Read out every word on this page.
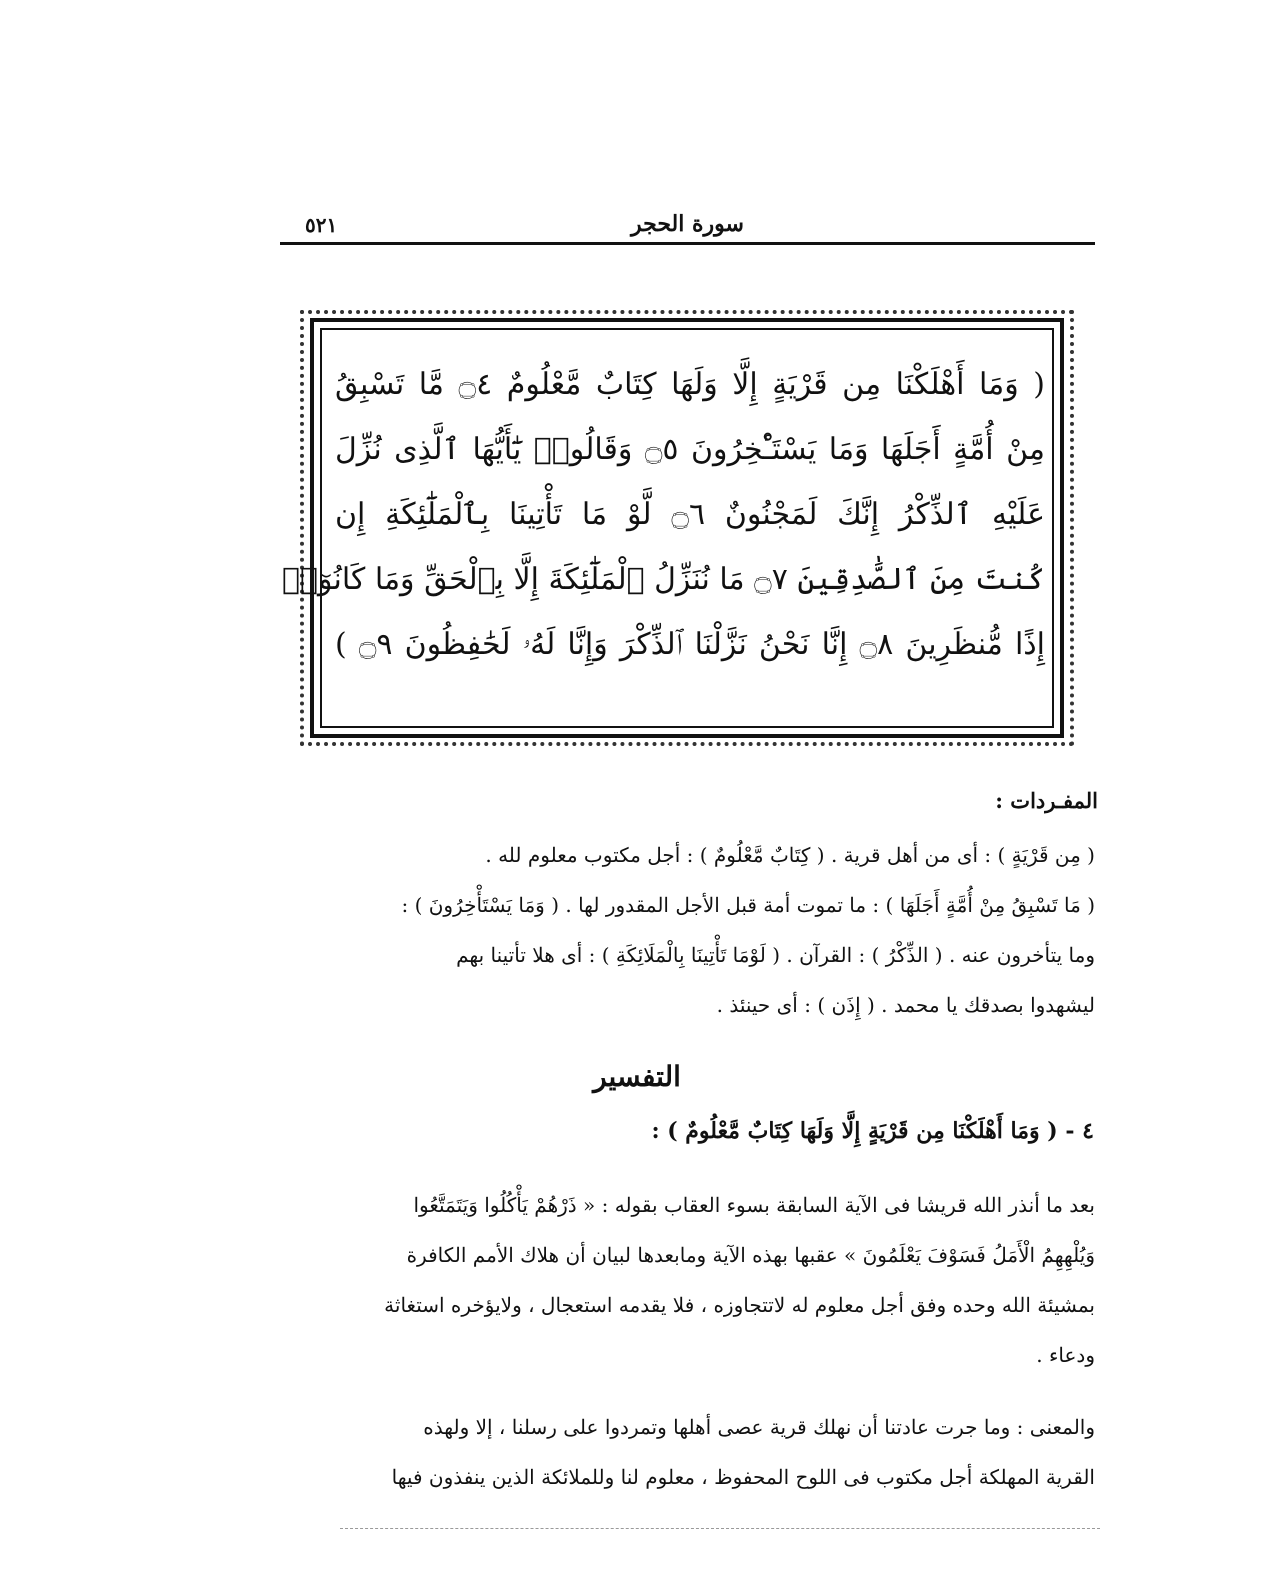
٥٢١	سورة الحجر
( وَمَا أَهْلَكْنَا مِن قَرْيَةٍ إِلَّا وَلَهَا كِتَابٌ مَّعْلُومٌ ۝٤ مَّا تَسْبِقُ
مِنْ أُمَّةٍ أَجَلَهَا وَمَا يَسْتَـْٔخِرُونَ ۝٥ وَقَالُوا۟ يَٰٓأَيُّهَا ٱلَّذِى نُزِّلَ
عَلَيْهِ ٱلذِّكْرُ إِنَّكَ لَمَجْنُونٌ ۝٦ لَّوْ مَا تَأْتِينَا بِٱلْمَلَٰٓئِكَةِ إِن
كُنتَ مِنَ ٱلصَّٰدِقِينَ ۝٧ مَا نُنَزِّلُ ٱلْمَلَٰٓئِكَةَ إِلَّا بِٱلْحَقِّ وَمَا كَانُوٓا۟
إِذًا مُّنظَرِينَ ۝٨ إِنَّا نَحْنُ نَزَّلْنَا ٱلذِّكْرَ وَإِنَّا لَهُۥ لَحَٰفِظُونَ ۝٩ )
المفـردات :
( مِن قَرْيَةٍ ) : أى من أهل قرية . ( كِتَابٌ مَّعْلُومٌ ) : أجل مكتوب معلوم لله .
( مَا تَسْبِقُ مِنْ أُمَّةٍ أَجَلَهَا ) : ما تموت أمة قبل الأجل المقدور لها . ( وَمَا يَسْتَأْخِرُونَ ) :
وما يتأخرون عنه . ( الذِّكْرُ ) : القرآن . ( لَوْمَا تَأْتِينَا بِالْمَلَائِكَةِ ) : أى هلا تأتينا بهم
ليشهدوا بصدقك يا محمد . ( إِذَن ) : أى حينئذ .
التفسير
٤ - ( وَمَا أَهْلَكْنَا مِن قَرْيَةٍ إِلَّا وَلَهَا كِتَابٌ مَّعْلُومٌ ) :
بعد ما أنذر الله قريشا فى الآية السابقة بسوء العقاب بقوله : « ذَرْهُمْ يَأْكُلُوا وَيَتَمَتَّعُوا
وَيُلْهِهِمُ الْأَمَلُ فَسَوْفَ يَعْلَمُونَ » عقبها بهذه الآية ومابعدها لبيان أن هلاك الأمم الكافرة
بمشيئة الله وحده وفق أجل معلوم له لاتتجاوزه ، فلا يقدمه استعجال ، ولايؤخره استغاثة
ودعاء .
والمعنى : وما جرت عادتنا أن نهلك قرية عصى أهلها وتمردوا على رسلنا ، إلا ولهذه
القرية المهلكة أجل مكتوب فى اللوح المحفوظ ، معلوم لنا وللملائكة الذين ينفذون فيها
